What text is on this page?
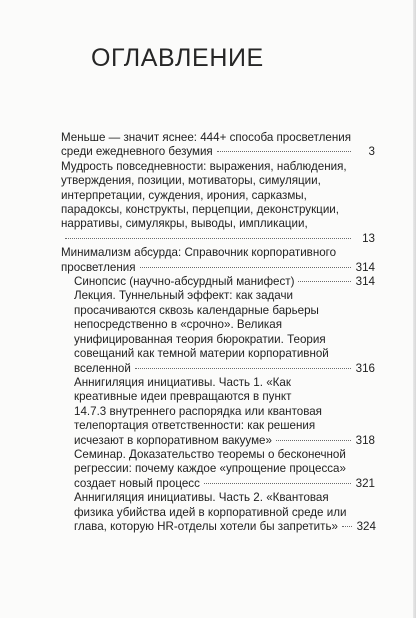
ОГЛАВЛЕНИЕ
Меньше — значит яснее: 444+ способа просветления
среди ежедневного безумия	3
Мудрость повседневности: выражения, наблюдения,
утверждения, позиции, мотиваторы, симуляции,
интерпретации, суждения, ирония, сарказмы,
парадоксы, конструкты, перцепции, деконструкции,
нарративы, симулякры, выводы, импликации,
13
Минимализм абсурда: Справочник корпоративного
просветления	314
Синопсис (научно-абсурдный манифест)	314
Лекция. Туннельный эффект: как задачи
просачиваются сквозь календарные барьеры
непосредственно в «срочно». Великая
унифицированная теория бюрократии. Теория
совещаний как темной материи корпоративной
вселенной	316
Аннигиляция инициативы. Часть 1. «Как
креативные идеи превращаются в пункт
14.7.3 внутреннего распорядка или квантовая
телепортация ответственности: как решения
исчезают в корпоративном вакууме»	318
Семинар. Доказательство теоремы о бесконечной
регрессии: почему каждое «упрощение процесса»
создает новый процесс	321
Аннигиляция инициативы. Часть 2. «Квантовая
физика убийства идей в корпоративной среде или
глава, которую HR-отделы хотели бы запретить» 324
